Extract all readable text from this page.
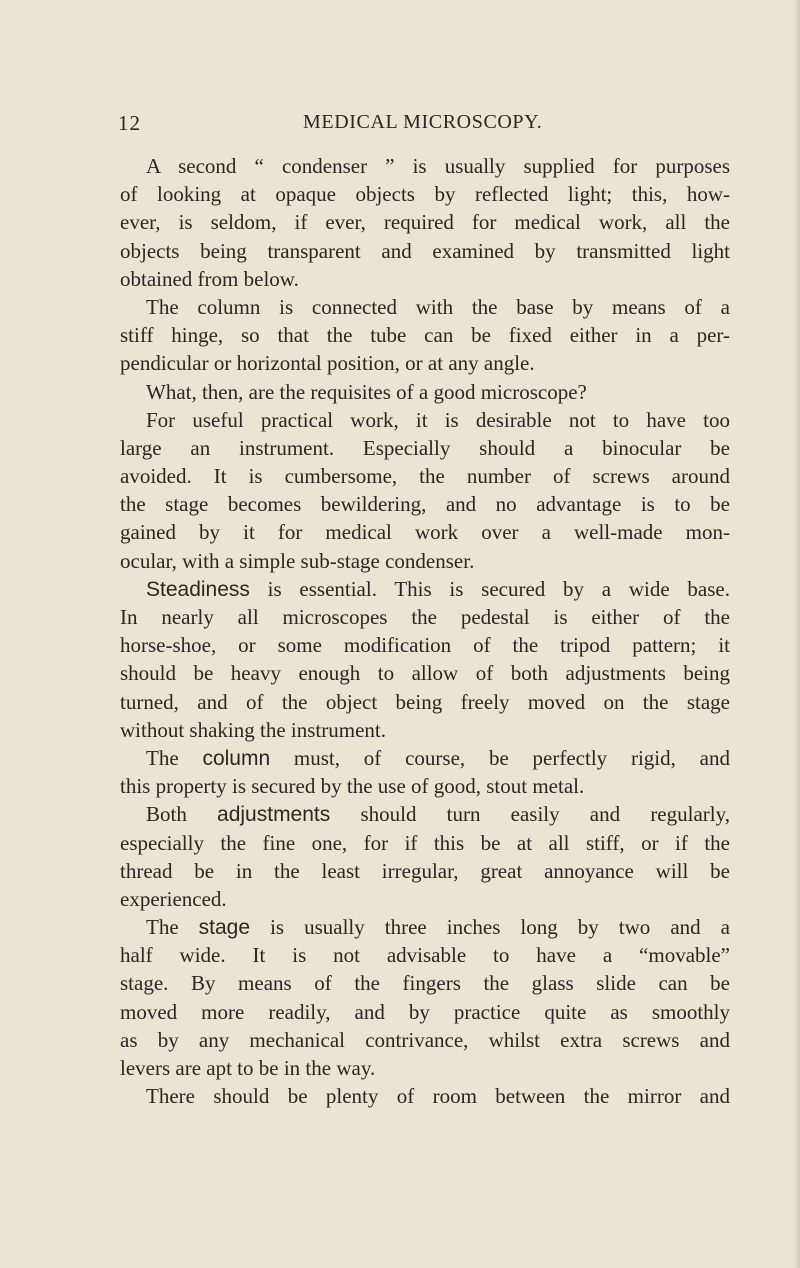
12	MEDICAL MICROSCOPY.
A second “ condenser ” is usually supplied for purposes
of looking at opaque objects by reflected light; this, how-
ever, is seldom, if ever, required for medical work, all the
objects being transparent and examined by transmitted light
obtained from below.
The column is connected with the base by means of a
stiff hinge, so that the tube can be fixed either in a per-
pendicular or horizontal position, or at any angle.
What, then, are the requisites of a good microscope?
For useful practical work, it is desirable not to have too
large an instrument. Especially should a binocular be
avoided. It is cumbersome, the number of screws around
the stage becomes bewildering, and no advantage is to be
gained by it for medical work over a well-made mon-
ocular, with a simple sub-stage condenser.
Steadiness is essential. This is secured by a wide base.
In nearly all microscopes the pedestal is either of the
horse-shoe, or some modification of the tripod pattern; it
should be heavy enough to allow of both adjustments being
turned, and of the object being freely moved on the stage
without shaking the instrument.
The column must, of course, be perfectly rigid, and
this property is secured by the use of good, stout metal.
Both adjustments should turn easily and regularly,
especially the fine one, for if this be at all stiff, or if the
thread be in the least irregular, great annoyance will be
experienced.
The stage is usually three inches long by two and a
half wide. It is not advisable to have a “movable”
stage. By means of the fingers the glass slide can be
moved more readily, and by practice quite as smoothly
as by any mechanical contrivance, whilst extra screws and
levers are apt to be in the way.
There should be plenty of room between the mirror and
